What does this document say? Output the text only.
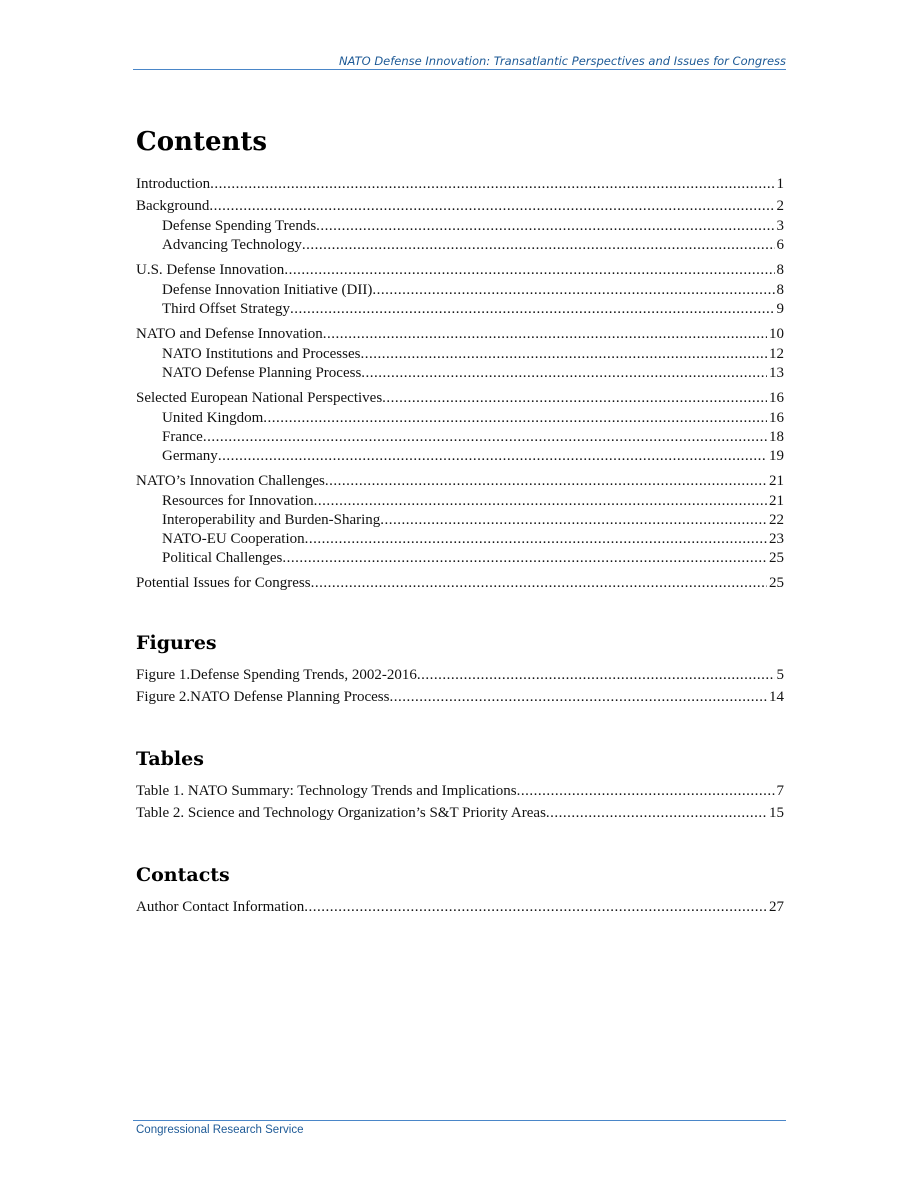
NATO Defense Innovation: Transatlantic Perspectives and Issues for Congress
Contents
Introduction .....	1
Background .....	2
Defense Spending Trends .....	3
Advancing Technology .....	6
U.S. Defense Innovation .....	8
Defense Innovation Initiative (DII) .....	8
Third Offset Strategy .....	9
NATO and Defense Innovation .....	10
NATO Institutions and Processes .....	12
NATO Defense Planning Process .....	13
Selected European National Perspectives .....	16
United Kingdom .....	16
France .....	18
Germany .....	19
NATO’s Innovation Challenges .....	21
Resources for Innovation .....	21
Interoperability and Burden-Sharing .....	22
NATO-EU Cooperation .....	23
Political Challenges .....	25
Potential Issues for Congress .....	25
Figures
Figure 1.Defense Spending Trends, 2002-2016 .....	5
Figure 2.NATO Defense Planning Process .....	14
Tables
Table 1. NATO Summary: Technology Trends and Implications .....	7
Table 2. Science and Technology Organization’s S&T Priority Areas .....	15
Contacts
Author Contact Information .....	27
Congressional Research Service
